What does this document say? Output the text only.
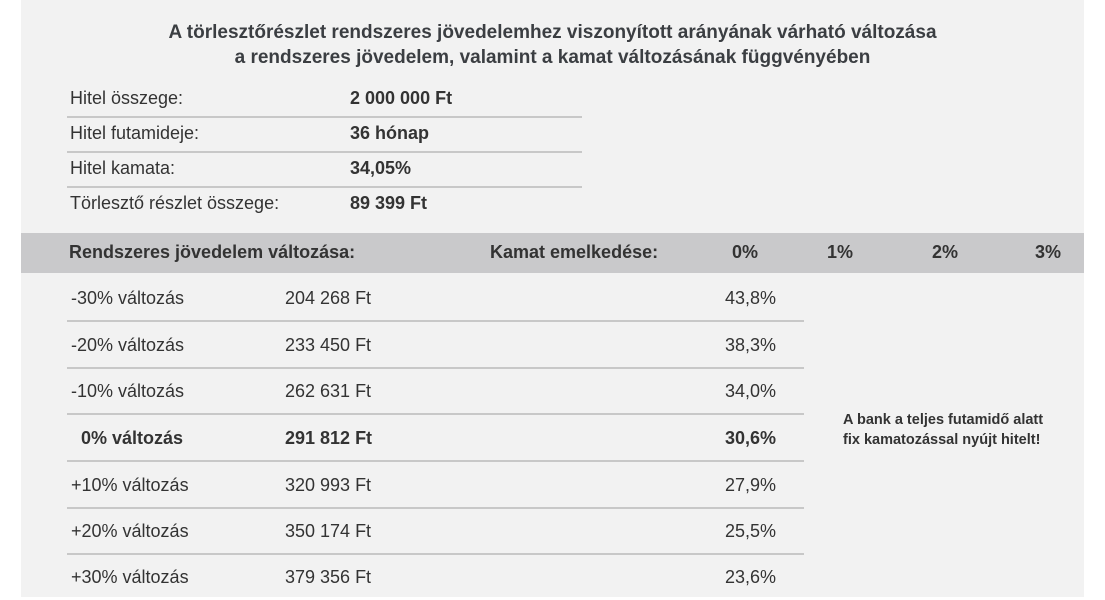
A törlesztőrészlet rendszeres jövedelemhez viszonyított arányának várható változása
a rendszeres jövedelem, valamint a kamat változásának függvényében
Hitel összege:	2 000 000 Ft
Hitel futamideje:	36 hónap
Hitel kamata:	34,05%
Törlesztő részlet összege:	89 399 Ft
Rendszeres jövedelem változása:	Kamat emelkedése:	0%	1%	2%	3%
-30% változás	204 268 Ft	43,8%
-20% változás	233 450 Ft	38,3%
-10% változás	262 631 Ft	34,0%
0% változás	291 812 Ft	30,6%
+10% változás	320 993 Ft	27,9%
+20% változás	350 174 Ft	25,5%
+30% változás	379 356 Ft	23,6%
A bank a teljes futamidő alatt
fix kamatozással nyújt hitelt!
